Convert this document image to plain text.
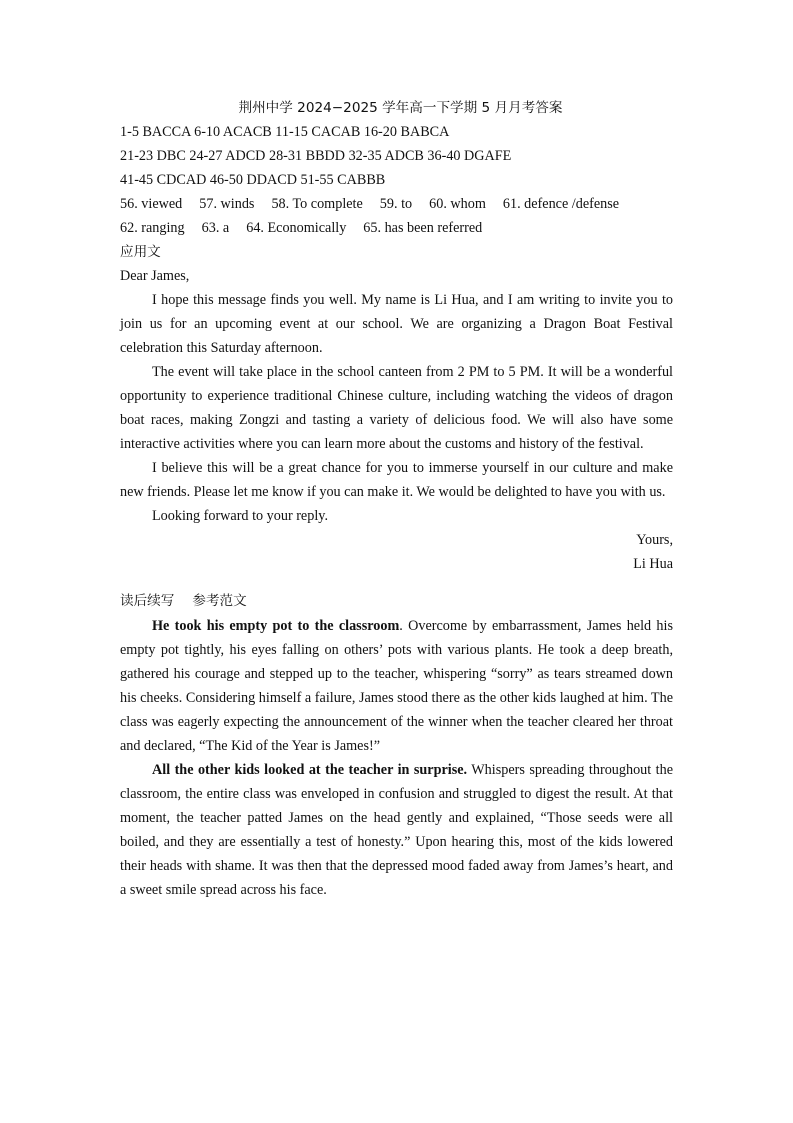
荆州中学 2024−2025 学年高一下学期 5 月月考答案
1-5 BACCA 6-10 ACACB 11-15 CACAB 16-20 BABCA
21-23 DBC 24-27 ADCD 28-31 BBDD 32-35 ADCB 36-40 DGAFE
41-45 CDCAD 46-50 DDACD 51-55 CABBB
56. viewed 57. winds 58. To complete 59. to 60. whom 61. defence /defense
62. ranging 63. a 64. Economically 65. has been referred
应用文
Dear James,
I hope this message finds you well. My name is Li Hua, and I am writing to invite you to join us for an upcoming event at our school. We are organizing a Dragon Boat Festival celebration this Saturday afternoon.
The event will take place in the school canteen from 2 PM to 5 PM. It will be a wonderful opportunity to experience traditional Chinese culture, including watching the videos of dragon boat races, making Zongzi and tasting a variety of delicious food. We will also have some interactive activities where you can learn more about the customs and history of the festival.
I believe this will be a great chance for you to immerse yourself in our culture and make new friends. Please let me know if you can make it. We would be delighted to have you with us.
Looking forward to your reply.
Yours,
Li Hua
读后续写 参考范文
He took his empty pot to the classroom. Overcome by embarrassment, James held his empty pot tightly, his eyes falling on others’ pots with various plants. He took a deep breath, gathered his courage and stepped up to the teacher, whispering “sorry” as tears streamed down his cheeks. Considering himself a failure, James stood there as the other kids laughed at him. The class was eagerly expecting the announcement of the winner when the teacher cleared her throat and declared, “The Kid of the Year is James!”
All the other kids looked at the teacher in surprise. Whispers spreading throughout the classroom, the entire class was enveloped in confusion and struggled to digest the result. At that moment, the teacher patted James on the head gently and explained, “Those seeds were all boiled, and they are essentially a test of honesty.” Upon hearing this, most of the kids lowered their heads with shame. It was then that the depressed mood faded away from James’s heart, and a sweet smile spread across his face.
